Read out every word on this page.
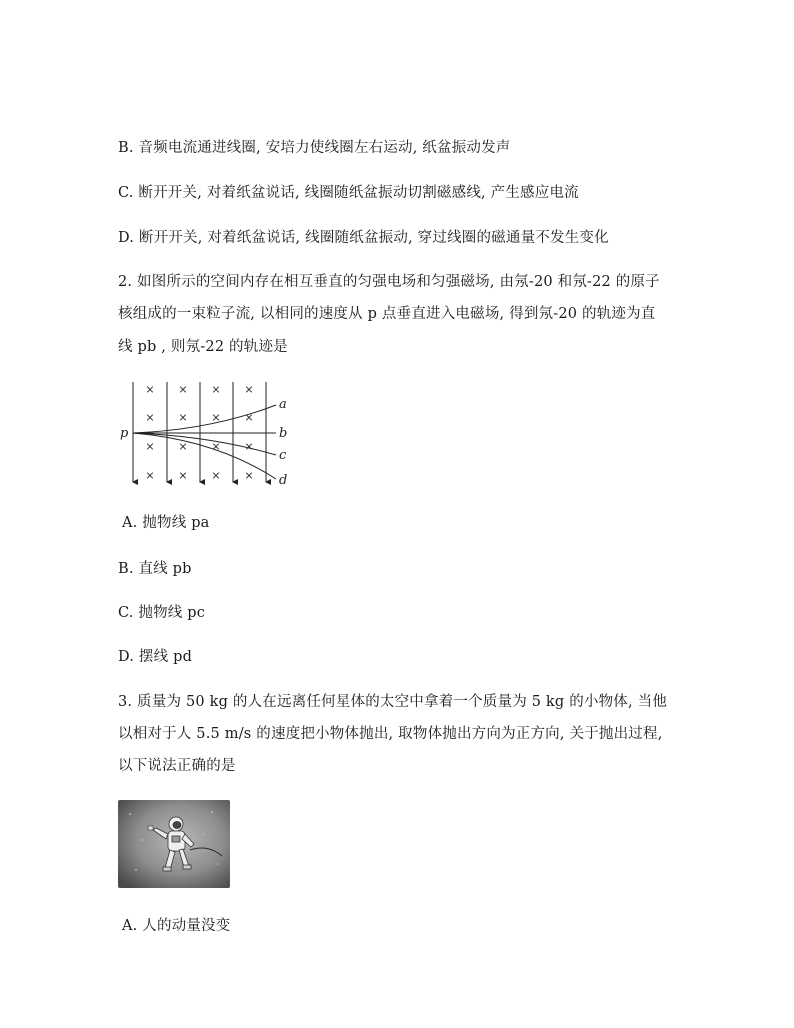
B. 音频电流通进线圈, 安培力使线圈左右运动, 纸盆振动发声
C. 断开开关, 对着纸盆说话, 线圈随纸盆振动切割磁感线, 产生感应电流
D. 断开开关, 对着纸盆说话, 线圈随纸盆振动, 穿过线圈的磁通量不发生变化
2. 如图所示的空间内存在相互垂直的匀强电场和匀强磁场, 由氖-20 和氖-22 的原子
核组成的一束粒子流, 以相同的速度从 p 点垂直进入电磁场, 得到氖-20 的轨迹为直
线 pb , 则氖-22 的轨迹是
× × × ×
× × × ×
× × × ×
× × × ×
p
a
b
c
d
A. 抛物线 pa
B. 直线 pb
C. 抛物线 pc
D. 摆线 pd
3. 质量为 50 kg 的人在远离任何星体的太空中拿着一个质量为 5 kg 的小物体, 当他
以相对于人 5.5 m/s 的速度把小物体抛出, 取物体抛出方向为正方向, 关于抛出过程,
以下说法正确的是
A. 人的动量没变
